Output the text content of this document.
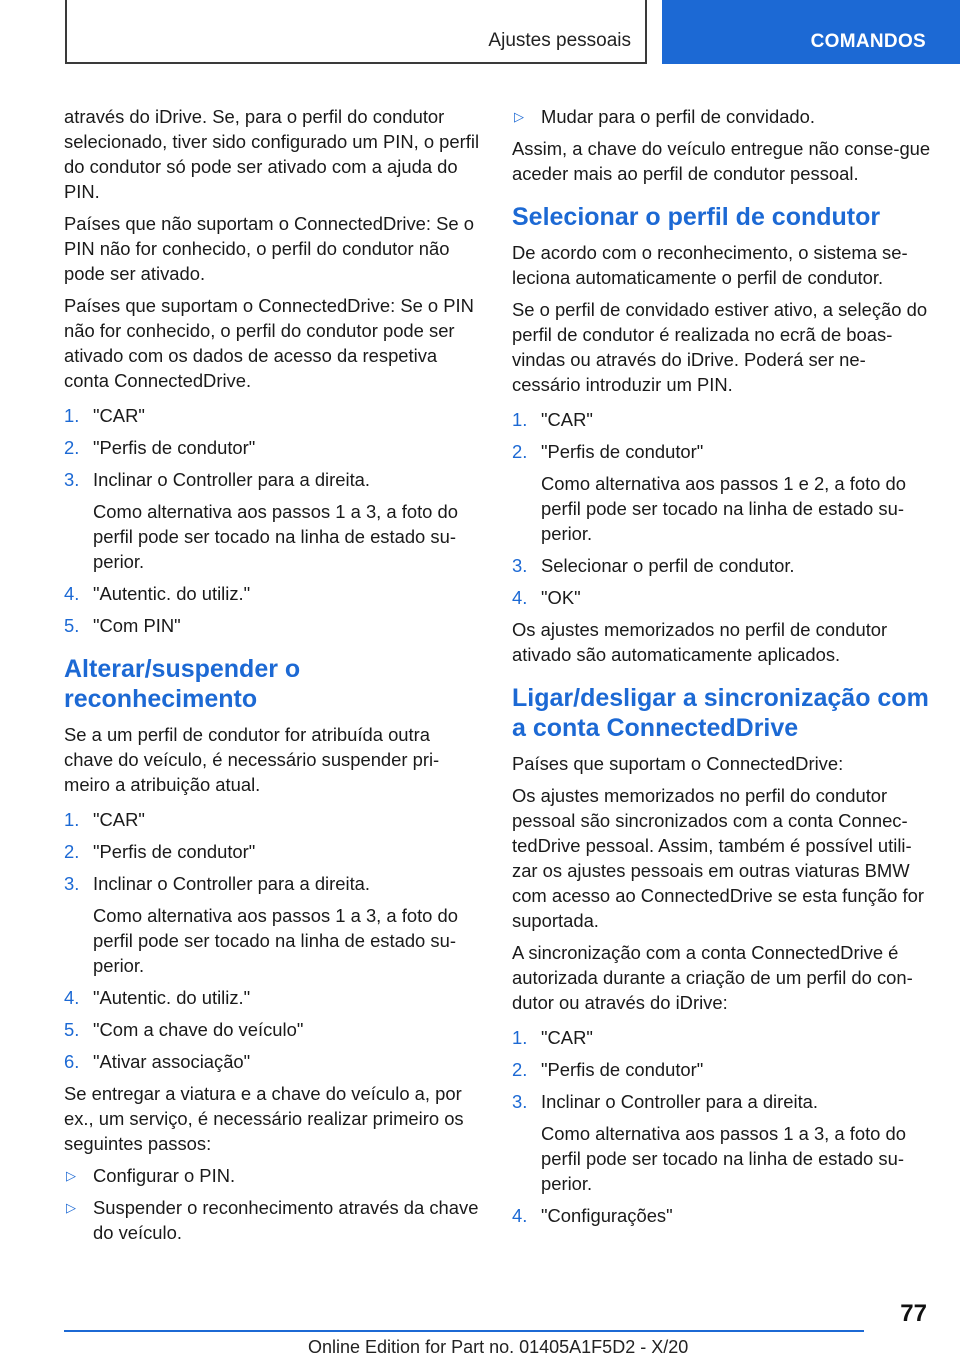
Ajustes pessoais	COMANDOS

através do iDrive. Se, para o perfil do condutor selecionado, tiver sido configurado um PIN, o perfil do condutor só pode ser ativado com a ajuda do PIN.

Países que não suportam o ConnectedDrive: Se o PIN não for conhecido, o perfil do condutor não pode ser ativado.

Países que suportam o ConnectedDrive: Se o PIN não for conhecido, o perfil do condutor pode ser ativado com os dados de acesso da respetiva conta ConnectedDrive.

1. "CAR"
2. "Perfis de condutor"
3. Inclinar o Controller para a direita.
Como alternativa aos passos 1 a 3, a foto do perfil pode ser tocado na linha de estado su-perior.
4. "Autentic. do utiliz."
5. "Com PIN"
Alterar/suspender o reconhecimento

Se a um perfil de condutor for atribuída outra chave do veículo, é necessário suspender pri-meiro a atribuição atual.

1. "CAR"
2. "Perfis de condutor"
3. Inclinar o Controller para a direita.
Como alternativa aos passos 1 a 3, a foto do perfil pode ser tocado na linha de estado su-perior.
4. "Autentic. do utiliz."
5. "Com a chave do veículo"
6. "Ativar associação"

Se entregar a viatura e a chave do veículo a, por ex., um serviço, é necessário realizar primeiro os seguintes passos:

▷ Configurar o PIN.
▷ Suspender o reconhecimento através da chave do veículo.
▷ Mudar para o perfil de convidado.

Assim, a chave do veículo entregue não conse-gue aceder mais ao perfil de condutor pessoal.

Selecionar o perfil de condutor

De acordo com o reconhecimento, o sistema se-leciona automaticamente o perfil de condutor.

Se o perfil de convidado estiver ativo, a seleção do perfil de condutor é realizada no ecrã de boas-vindas ou através do iDrive. Poderá ser ne-cessário introduzir um PIN.

1. "CAR"
2. "Perfis de condutor"
Como alternativa aos passos 1 e 2, a foto do perfil pode ser tocado na linha de estado su-perior.
3. Selecionar o perfil de condutor.
4. "OK"

Os ajustes memorizados no perfil de condutor ativado são automaticamente aplicados.

Ligar/desligar a sincronização com a conta ConnectedDrive

Países que suportam o ConnectedDrive:

Os ajustes memorizados no perfil do condutor pessoal são sincronizados com a conta Connec-tedDrive pessoal. Assim, também é possível utili-zar os ajustes pessoais em outras viaturas BMW com acesso ao ConnectedDrive se esta função for suportada.

A sincronização com a conta ConnectedDrive é autorizada durante a criação de um perfil do con-dutor ou através do iDrive:

1. "CAR"
2. "Perfis de condutor"
3. Inclinar o Controller para a direita.
Como alternativa aos passos 1 a 3, a foto do perfil pode ser tocado na linha de estado su-perior.
4. "Configurações"
77
Online Edition for Part no. 01405A1F5D2 - X/20
